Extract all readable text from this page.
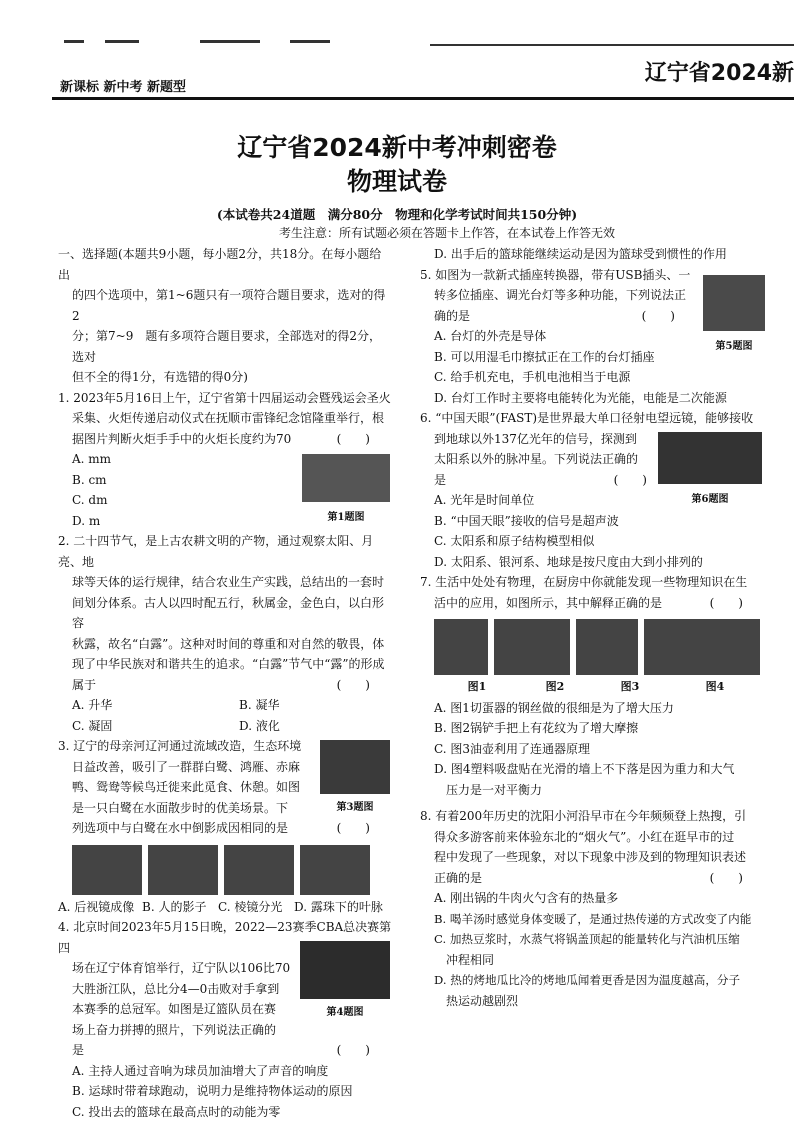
新课标 新中考 新题型
辽宁省2024新
辽宁省2024新中考冲刺密卷
物理试卷
(本试卷共24道题　满分80分　物理和化学考试时间共150分钟)
考生注意：所有试题必须在答题卡上作答，在本试卷上作答无效

一、选择题(本题共9小题，每小题2分，共18分。在每小题给出

的四个选项中，第1~6题只有一项符合题目要求，选对的得2

分；第7~9　题有多项符合题目要求，全部选对的得2分，选对

但不全的得1分，有选错的得0分)

1. 2023年5月16日上午，辽宁省第十四届运动会暨残运会圣火

采集、火炬传递启动仪式在抚顺市雷锋纪念馆隆重举行，根

据图片判断火炬手手中的火炬长度约为70	(　　)

A. mm

B. cm

C. dm

D. m	第1题图

2. 二十四节气，是上古农耕文明的产物，通过观察太阳、月亮、地

球等天体的运行规律，结合农业生产实践，总结出的一套时

间划分体系。古人以四时配五行，秋属金，金色白，以白形容

秋露，故名“白露”。这种对时间的尊重和对自然的敬畏，体

现了中华民族对和谐共生的追求。“白露”节气中“露”的形成

属于	(　　)

A. 升华	B. 凝华
C. 凝固	D. 液化

3. 辽宁的母亲河辽河通过流域改造，生态环境

日益改善，吸引了一群群白鹭、鸿雁、赤麻

鸭、鸳鸯等候鸟迁徙来此觅食、休憩。如图

是一只白鹭在水面散步时的优美场景。下

列选项中与白鹭在水中倒影成因相同的是	(　　)

第3题图
A. 后视镜成像 B. 人的影子 C. 棱镜分光 D. 露珠下的叶脉

4. 北京时间2023年5月15日晚，2022—23赛季CBA总决赛第四

场在辽宁体育馆举行，辽宁队以106比70

大胜浙江队，总比分4—0击败对手拿到

本赛季的总冠军。如图是辽篮队员在赛

场上奋力拼搏的照片，下列说法正确的

是	(　　)

第4题图

A. 主持人通过音响为球员加油增大了声音的响度

B. 运球时带着球跑动，说明力是维持物体运动的原因

C. 投出去的篮球在最高点时的动能为零

D. 出手后的篮球能继续运动是因为篮球受到惯性的作用

5. 如图为一款新式插座转换器，带有USB插头、一

转多位插座、调光台灯等多种功能，下列说法正

确的是	(　　)

第5题图

A. 台灯的外壳是导体

B. 可以用湿毛巾擦拭正在工作的台灯插座

C. 给手机充电，手机电池相当于电源

D. 台灯工作时主要将电能转化为光能，电能是二次能源

6. “中国天眼”(FAST)是世界最大单口径射电望远镜，能够接收

到地球以外137亿光年的信号，探测到

太阳系以外的脉冲星。下列说法正确的

是	(　　)

第6题图

A. 光年是时间单位

B. “中国天眼”接收的信号是超声波

C. 太阳系和原子结构模型相似

D. 太阳系、银河系、地球是按尺度由大到小排列的

7. 生活中处处有物理，在厨房中你就能发现一些物理知识在生

活中的应用，如图所示，其中解释正确的是	(　　)

图1	图2	图3	图4

A. 图1切蛋器的钢丝做的很细是为了增大压力

B. 图2锅铲手把上有花纹为了增大摩擦

C. 图3油壶利用了连通器原理

D. 图4塑料吸盘贴在光滑的墙上不下落是因为重力和大气

　压力是一对平衡力

8. 有着200年历史的沈阳小河沿早市在今年频频登上热搜，引

得众多游客前来体验东北的“烟火气”。小红在逛早市的过

程中发现了一些现象，对以下现象中涉及到的物理知识表述

正确的是	(　　)

A. 刚出锅的牛肉火勺含有的热量多

B. 喝羊汤时感觉身体变暖了，是通过热传递的方式改变了内能

C. 加热豆浆时，水蒸气将锅盖顶起的能量转化与汽油机压缩

　冲程相同

D. 热的烤地瓜比冷的烤地瓜闻着更香是因为温度越高，分子

　热运动越剧烈
